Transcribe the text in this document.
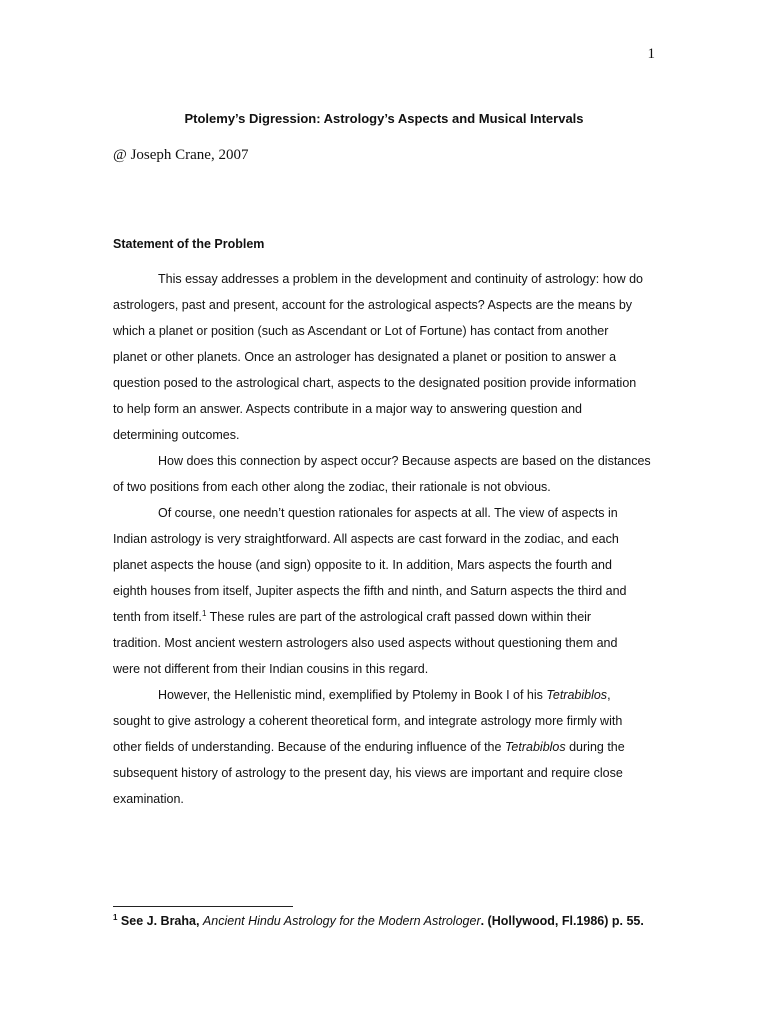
1
Ptolemy’s Digression: Astrology’s Aspects and Musical Intervals
@ Joseph Crane, 2007
Statement of the Problem
This essay addresses a problem in the development and continuity of astrology: how do
astrologers, past and present, account for the astrological aspects? Aspects are the means by
which a planet or position (such as Ascendant or Lot of Fortune) has contact from another
planet or other planets. Once an astrologer has designated a planet or position to answer a
question posed to the astrological chart, aspects to the designated position provide information
to help form an answer. Aspects contribute in a major way to answering question and
determining outcomes.
How does this connection by aspect occur? Because aspects are based on the distances
of two positions from each other along the zodiac, their rationale is not obvious.
Of course, one needn’t question rationales for aspects at all. The view of aspects in
Indian astrology is very straightforward. All aspects are cast forward in the zodiac, and each
planet aspects the house (and sign) opposite to it. In addition, Mars aspects the fourth and
eighth houses from itself, Jupiter aspects the fifth and ninth, and Saturn aspects the third and
tenth from itself.$^1$ These rules are part of the astrological craft passed down within their
tradition. Most ancient western astrologers also used aspects without questioning them and
were not different from their Indian cousins in this regard.
However, the Hellenistic mind, exemplified by Ptolemy in Book I of his Tetrabiblos,
sought to give astrology a coherent theoretical form, and integrate astrology more firmly with
other fields of understanding. Because of the enduring influence of the Tetrabiblos during the
subsequent history of astrology to the present day, his views are important and require close
examination.
$^1$ See J. Braha, Ancient Hindu Astrology for the Modern Astrologer. (Hollywood, Fl.1986) p. 55.
